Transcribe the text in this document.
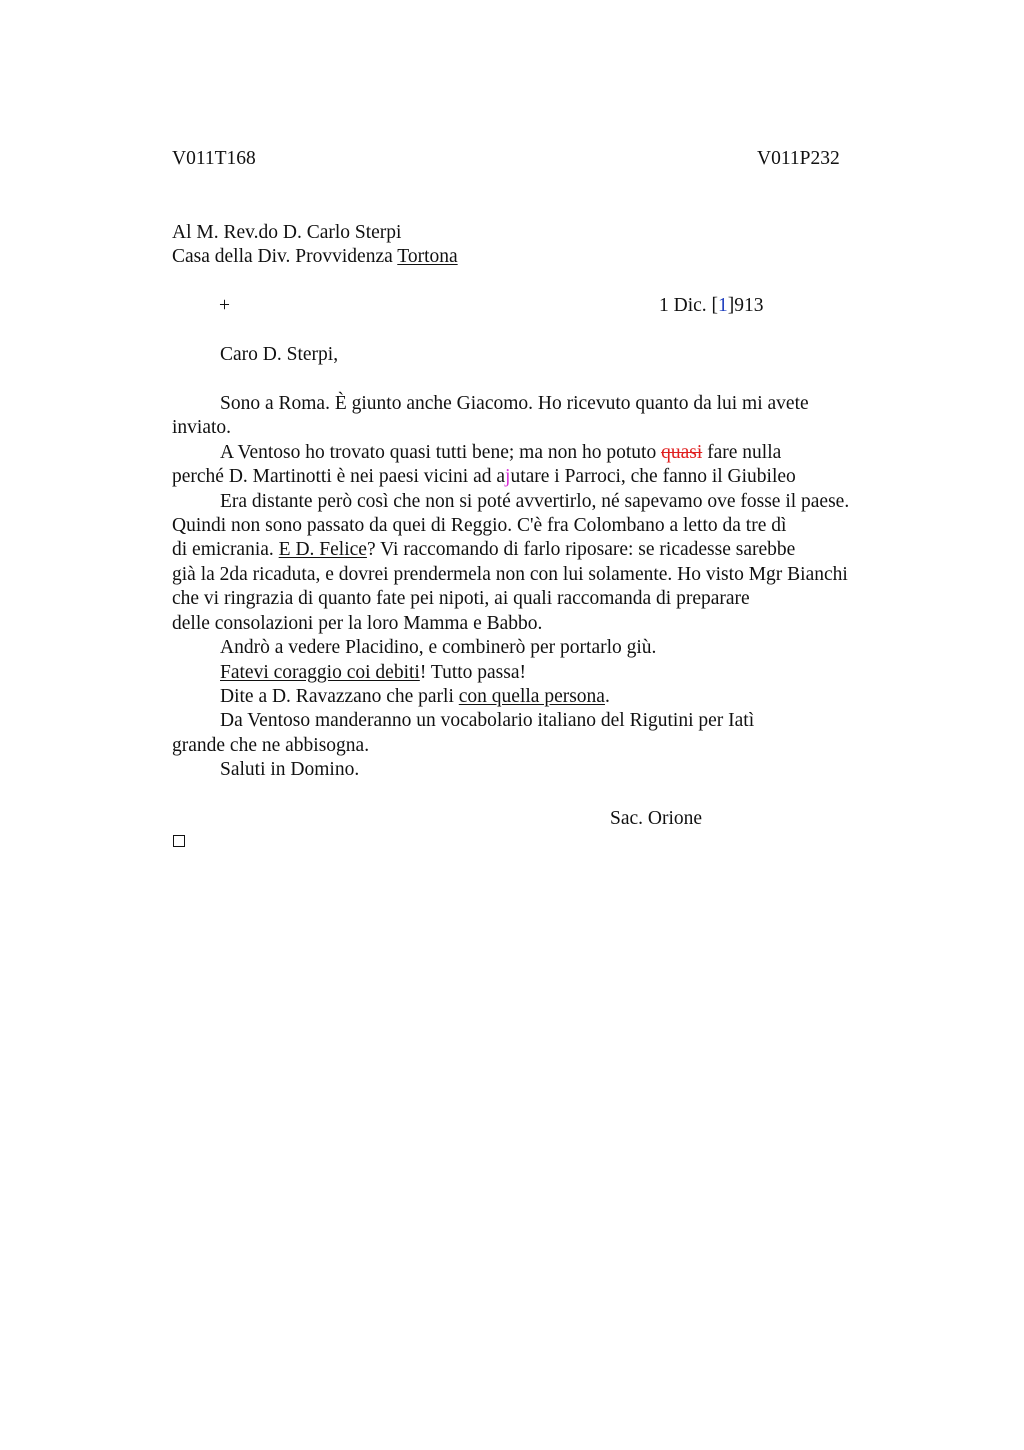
V011T168	V011P232
Al M. Rev.do D. Carlo Sterpi
Casa della Div. Provvidenza Tortona
+	1 Dic. [1]913
Caro D. Sterpi,
Sono a Roma. È giunto anche Giacomo. Ho ricevuto quanto da lui mi avete
inviato.
A Ventoso ho trovato quasi tutti bene; ma non ho potuto quasi fare nulla
perché D. Martinotti è nei paesi vicini ad ajutare i Parroci, che fanno il Giubileo
Era distante però così che non si poté avvertirlo, né sapevamo ove fosse il paese.
Quindi non sono passato da quei di Reggio. C'è fra Colombano a letto da tre dì
di emicrania. E D. Felice? Vi raccomando di farlo riposare: se ricadesse sarebbe
già la 2da ricaduta, e dovrei prendermela non con lui solamente. Ho visto Mgr Bianchi
che vi ringrazia di quanto fate pei nipoti, ai quali raccomanda di preparare
delle consolazioni per la loro Mamma e Babbo.
Andrò a vedere Placidino, e combinerò per portarlo giù.
Fatevi coraggio coi debiti! Tutto passa!
Dite a D. Ravazzano che parli con quella persona.
Da Ventoso manderanno un vocabolario italiano del Rigutini per Iatì
grande che ne abbisogna.
Saluti in Domino.
Sac. Orione
